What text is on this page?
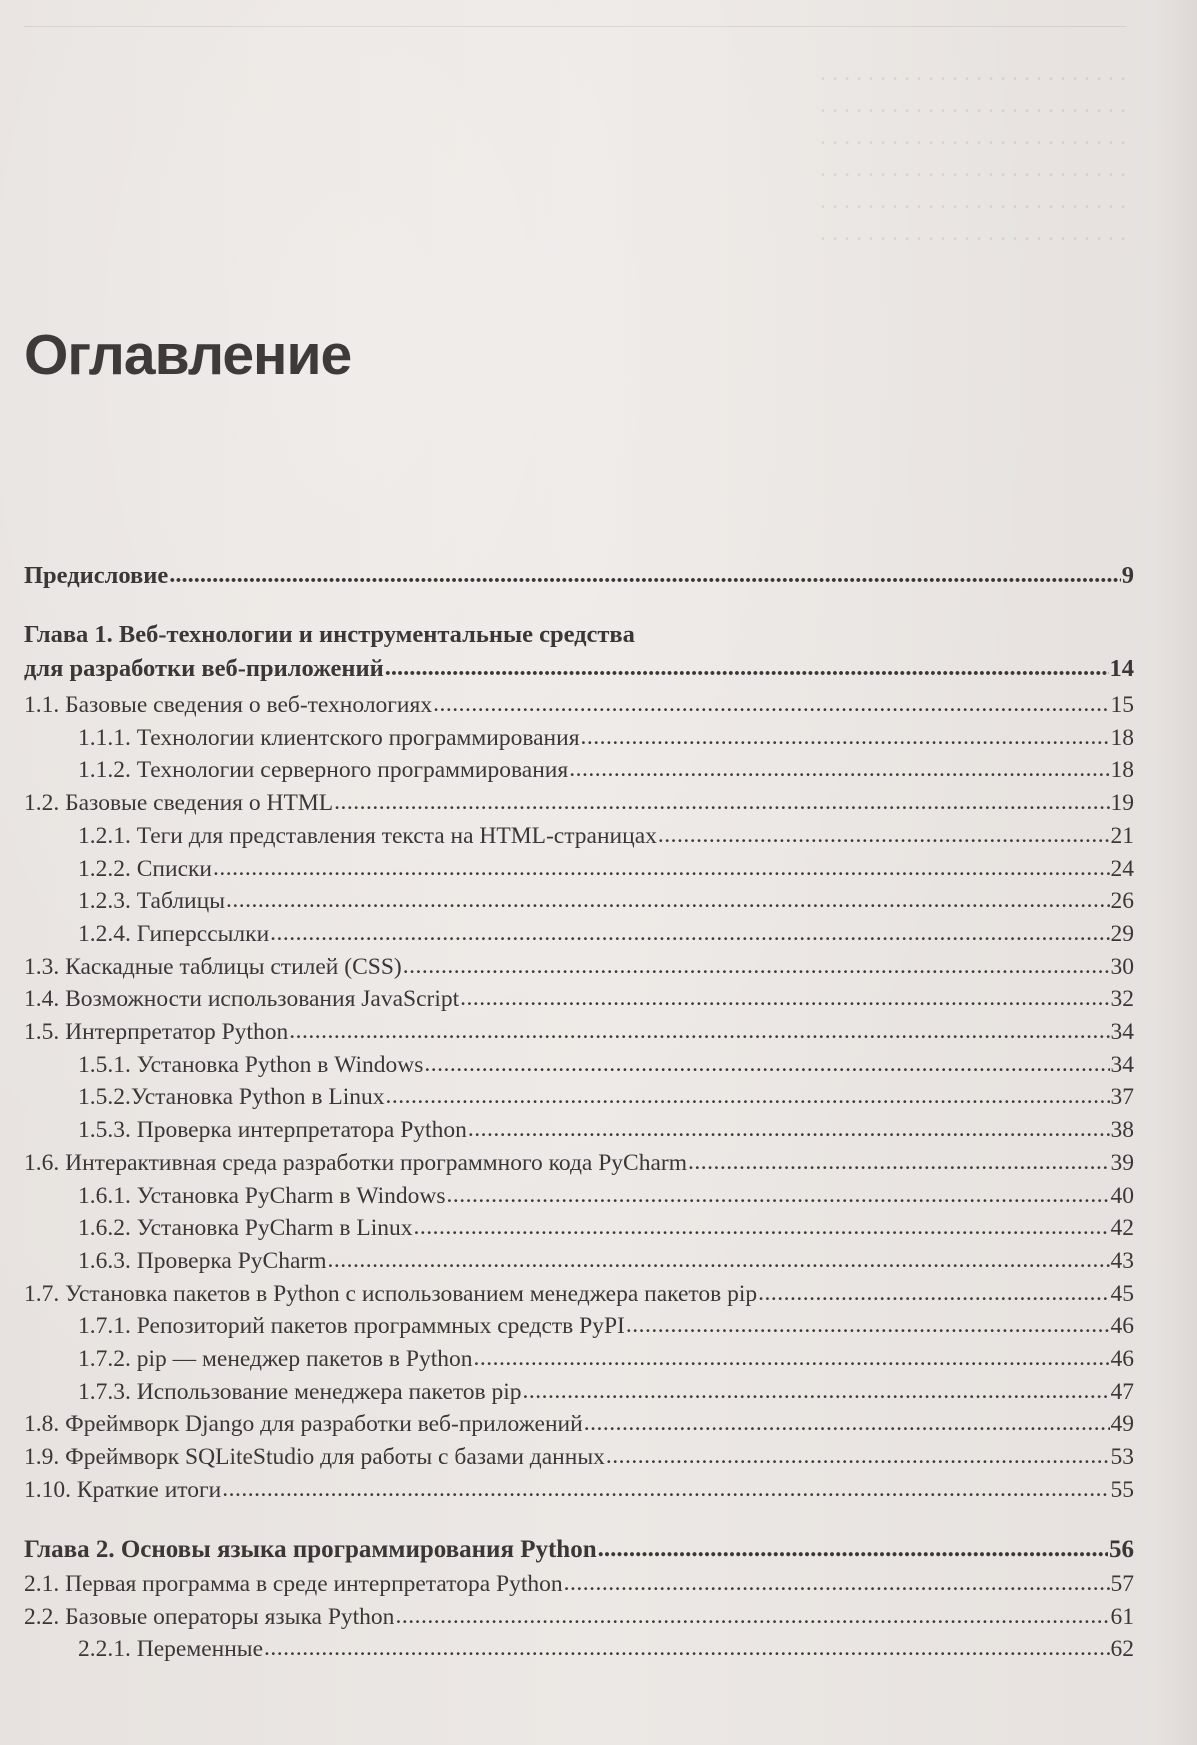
. . . . . . . . . . . . . . . . . . . . . . . . . .
. . . . . . . . . . . . . . . . . . . . . . . . . .
. . . . . . . . . . . . . . . . . . . . . . . . . .
. . . . . . . . . . . . . . . . . . . . . . . . . .
. . . . . . . . . . . . . . . . . . . . . . . . . .
. . . . . . . . . . . . . . . . . . . . . . . . . .
Оглавление
Предисловие .....	9
Глава 1. Веб-технологии и инструментальные средства
для разработки веб-приложений .....	14
1.1. Базовые сведения о веб-технологиях .....	15
1.1.1. Технологии клиентского программирования .....	18
1.1.2. Технологии серверного программирования .....	18
1.2. Базовые сведения о HTML .....	19
1.2.1. Теги для представления текста на HTML-страницах .....	21
1.2.2. Списки .....	24
1.2.3. Таблицы .....	26
1.2.4. Гиперссылки .....	29
1.3. Каскадные таблицы стилей (CSS) .....	30
1.4. Возможности использования JavaScript .....	32
1.5. Интерпретатор Python .....	34
1.5.1. Установка Python в Windows .....	34
1.5.2.Установка Python в Linux .....	37
1.5.3. Проверка интерпретатора Python .....	38
1.6. Интерактивная среда разработки программного кода PyCharm .....	39
1.6.1. Установка PyCharm в Windows .....	40
1.6.2. Установка PyCharm в Linux .....	42
1.6.3. Проверка PyCharm .....	43
1.7. Установка пакетов в Python с использованием менеджера пакетов pip .....	45
1.7.1. Репозиторий пакетов программных средств PyPI .....	46
1.7.2. pip — менеджер пакетов в Python .....	46
1.7.3. Использование менеджера пакетов pip .....	47
1.8. Фреймворк Django для разработки веб-приложений .....	49
1.9. Фреймворк SQLiteStudio для работы с базами данных .....	53
1.10. Краткие итоги .....	55
Глава 2. Основы языка программирования Python .....	56
2.1. Первая программа в среде интерпретатора Python .....	57
2.2. Базовые операторы языка Python .....	61
2.2.1. Переменные .....	62
